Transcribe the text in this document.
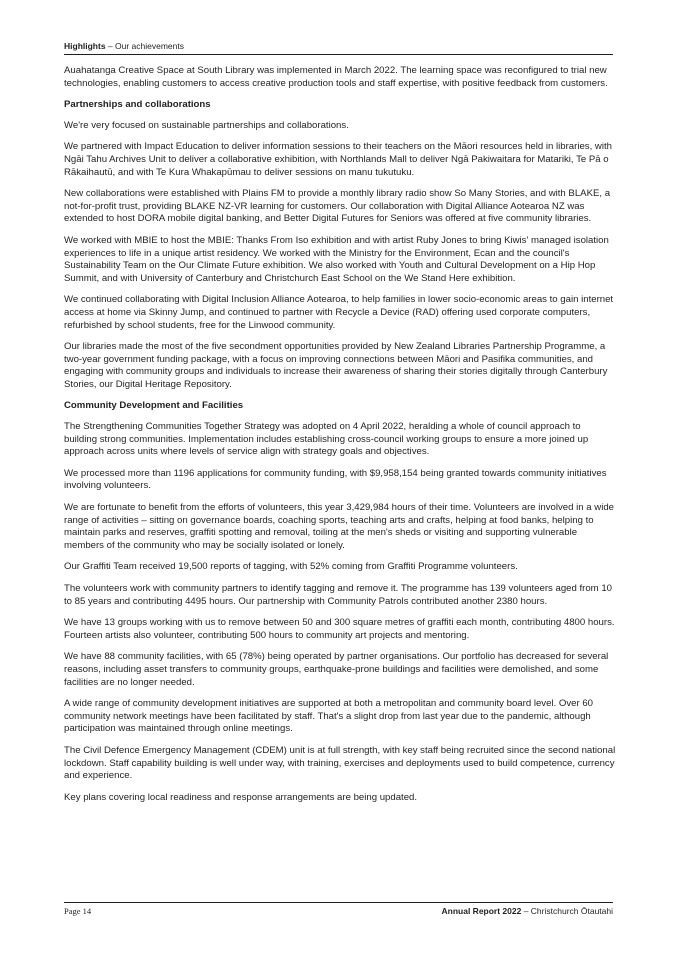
Highlights – Our achievements

Auahatanga Creative Space at South Library was implemented in March 2022. The learning space was reconfigured to trial new technologies, enabling customers to access creative production tools and staff expertise, with positive feedback from customers.

Partnerships and collaborations

We're very focused on sustainable partnerships and collaborations.

We partnered with Impact Education to deliver information sessions to their teachers on the Māori resources held in libraries, with Ngāi Tahu Archives Unit to deliver a collaborative exhibition, with Northlands Mall to deliver Ngā Pakiwaitara for Matariki, Te Pā o Rākaihautū, and with Te Kura Whakapūmau to deliver sessions on manu tukutuku.

New collaborations were established with Plains FM to provide a monthly library radio show So Many Stories, and with BLAKE, a not-for-profit trust, providing BLAKE NZ-VR learning for customers. Our collaboration with Digital Alliance Aotearoa NZ was extended to host DORA mobile digital banking, and Better Digital Futures for Seniors was offered at five community libraries.

We worked with MBIE to host the MBIE: Thanks From Iso exhibition and with artist Ruby Jones to bring Kiwis' managed isolation experiences to life in a unique artist residency. We worked with the Ministry for the Environment, Ecan and the council's Sustainability Team on the Our Climate Future exhibition. We also worked with Youth and Cultural Development on a Hip Hop Summit, and with University of Canterbury and Christchurch East School on the We Stand Here exhibition.

We continued collaborating with Digital Inclusion Alliance Aotearoa, to help families in lower socio-economic areas to gain internet access at home via Skinny Jump, and continued to partner with Recycle a Device (RAD) offering used corporate computers, refurbished by school students, free for the Linwood community.

Our libraries made the most of the five secondment opportunities provided by New Zealand Libraries Partnership Programme, a two-year government funding package, with a focus on improving connections between Māori and Pasifika communities, and engaging with community groups and individuals to increase their awareness of sharing their stories digitally through Canterbury Stories, our Digital Heritage Repository.

Community Development and Facilities

The Strengthening Communities Together Strategy was adopted on 4 April 2022, heralding a whole of council approach to building strong communities. Implementation includes establishing cross-council working groups to ensure a more joined up approach across units where levels of service align with strategy goals and objectives.

We processed more than 1196 applications for community funding, with $9,958,154 being granted towards community initiatives involving volunteers.

We are fortunate to benefit from the efforts of volunteers, this year 3,429,984 hours of their time. Volunteers are involved in a wide range of activities – sitting on governance boards, coaching sports, teaching arts and crafts, helping at food banks, helping to maintain parks and reserves, graffiti spotting and removal, toiling at the men's sheds or visiting and supporting vulnerable members of the community who may be socially isolated or lonely.

Our Graffiti Team received 19,500 reports of tagging, with 52% coming from Graffiti Programme volunteers.

The volunteers work with community partners to identify tagging and remove it. The programme has 139 volunteers aged from 10 to 85 years and contributing 4495 hours. Our partnership with Community Patrols contributed another 2380 hours.

We have 13 groups working with us to remove between 50 and 300 square metres of graffiti each month, contributing 4800 hours. Fourteen artists also volunteer, contributing 500 hours to community art projects and mentoring.

We have 88 community facilities, with 65 (78%) being operated by partner organisations. Our portfolio has decreased for several reasons, including asset transfers to community groups, earthquake-prone buildings and facilities were demolished, and some facilities are no longer needed.

A wide range of community development initiatives are supported at both a metropolitan and community board level. Over 60 community network meetings have been facilitated by staff. That's a slight drop from last year due to the pandemic, although participation was maintained through online meetings.

The Civil Defence Emergency Management (CDEM) unit is at full strength, with key staff being recruited since the second national lockdown. Staff capability building is well under way, with training, exercises and deployments used to build competence, currency and experience.

Key plans covering local readiness and response arrangements are being updated.

Page 14	Annual Report 2022 – Christchurch Ōtautahi
